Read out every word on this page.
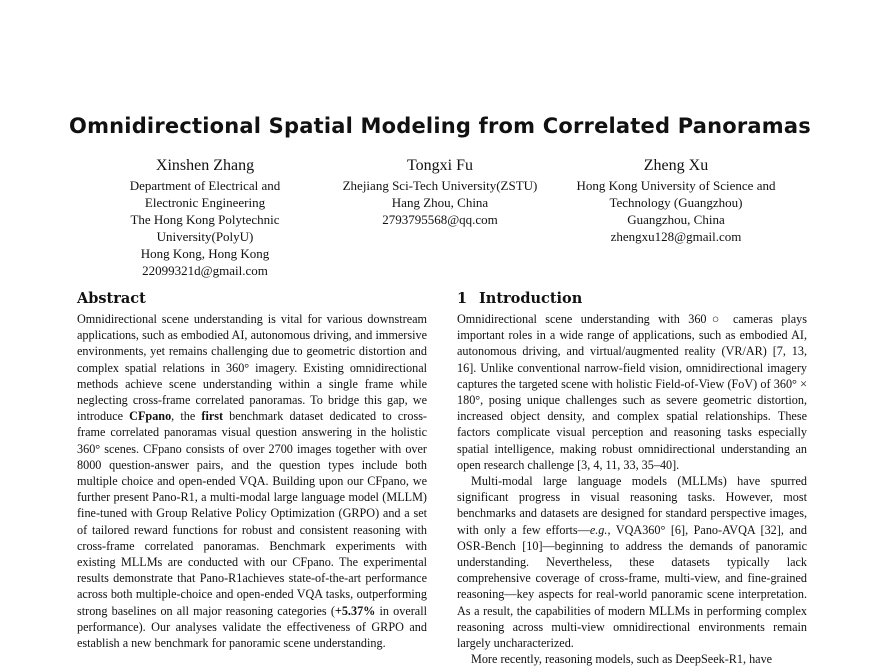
Omnidirectional Spatial Modeling from Correlated Panoramas
Xinshen Zhang
Department of Electrical and
Electronic Engineering
The Hong Kong Polytechnic
University(PolyU)
Hong Kong, Hong Kong
22099321d@gmail.com
Tongxi Fu
Zhejiang Sci-Tech University(ZSTU)
Hang Zhou, China
2793795568@qq.com
Zheng Xu
Hong Kong University of Science and
Technology (Guangzhou)
Guangzhou, China
zhengxu128@gmail.com
Abstract

Omnidirectional scene understanding is vital for various downstream applications, such as embodied AI, autonomous driving, and immersive environments, yet remains challenging due to geometric distortion and complex spatial relations in 360° imagery. Existing omnidirectional methods achieve scene understanding within a single frame while neglecting cross-frame correlated panoramas. To bridge this gap, we introduce CFpano, the first benchmark dataset dedicated to cross-frame correlated panoramas visual question answering in the holistic 360° scenes. CFpano consists of over 2700 images together with over 8000 question-answer pairs, and the question types include both multiple choice and open-ended VQA. Building upon our CFpano, we further present Pano-R1, a multi-modal large language model (MLLM) fine-tuned with Group Relative Policy Optimization (GRPO) and a set of tailored reward functions for robust and consistent reasoning with cross-frame correlated panoramas. Benchmark experiments with existing MLLMs are conducted with our CFpano. The experimental results demonstrate that Pano-R1achieves state-of-the-art performance across both multiple-choice and open-ended VQA tasks, outperforming strong baselines on all major reasoning categories (+5.37% in overall performance). Our analyses validate the effectiveness of GRPO and establish a new benchmark for panoramic scene understanding.

1 Introduction

Omnidirectional scene understanding with 360○ cameras plays important roles in a wide range of applications, such as embodied AI, autonomous driving, and virtual/augmented reality (VR/AR) [7, 13, 16]. Unlike conventional narrow-field vision, omnidirectional imagery captures the targeted scene with holistic Field-of-View (FoV) of 360° × 180°, posing unique challenges such as severe geometric distortion, increased object density, and complex spatial relationships. These factors complicate visual perception and reasoning tasks especially spatial intelligence, making robust omnidirectional understanding an open research challenge [3, 4, 11, 33, 35–40].

Multi-modal large language models (MLLMs) have spurred significant progress in visual reasoning tasks. However, most benchmarks and datasets are designed for standard perspective images, with only a few efforts—e.g., VQA360° [6], Pano-AVQA [32], and OSR-Bench [10]—beginning to address the demands of panoramic understanding. Nevertheless, these datasets typically lack comprehensive coverage of cross-frame, multi-view, and fine-grained reasoning—key aspects for real-world panoramic scene interpretation. As a result, the capabilities of modern MLLMs in performing complex reasoning across multi-view omnidirectional environments remain largely uncharacterized.

More recently, reasoning models, such as DeepSeek-R1, have
